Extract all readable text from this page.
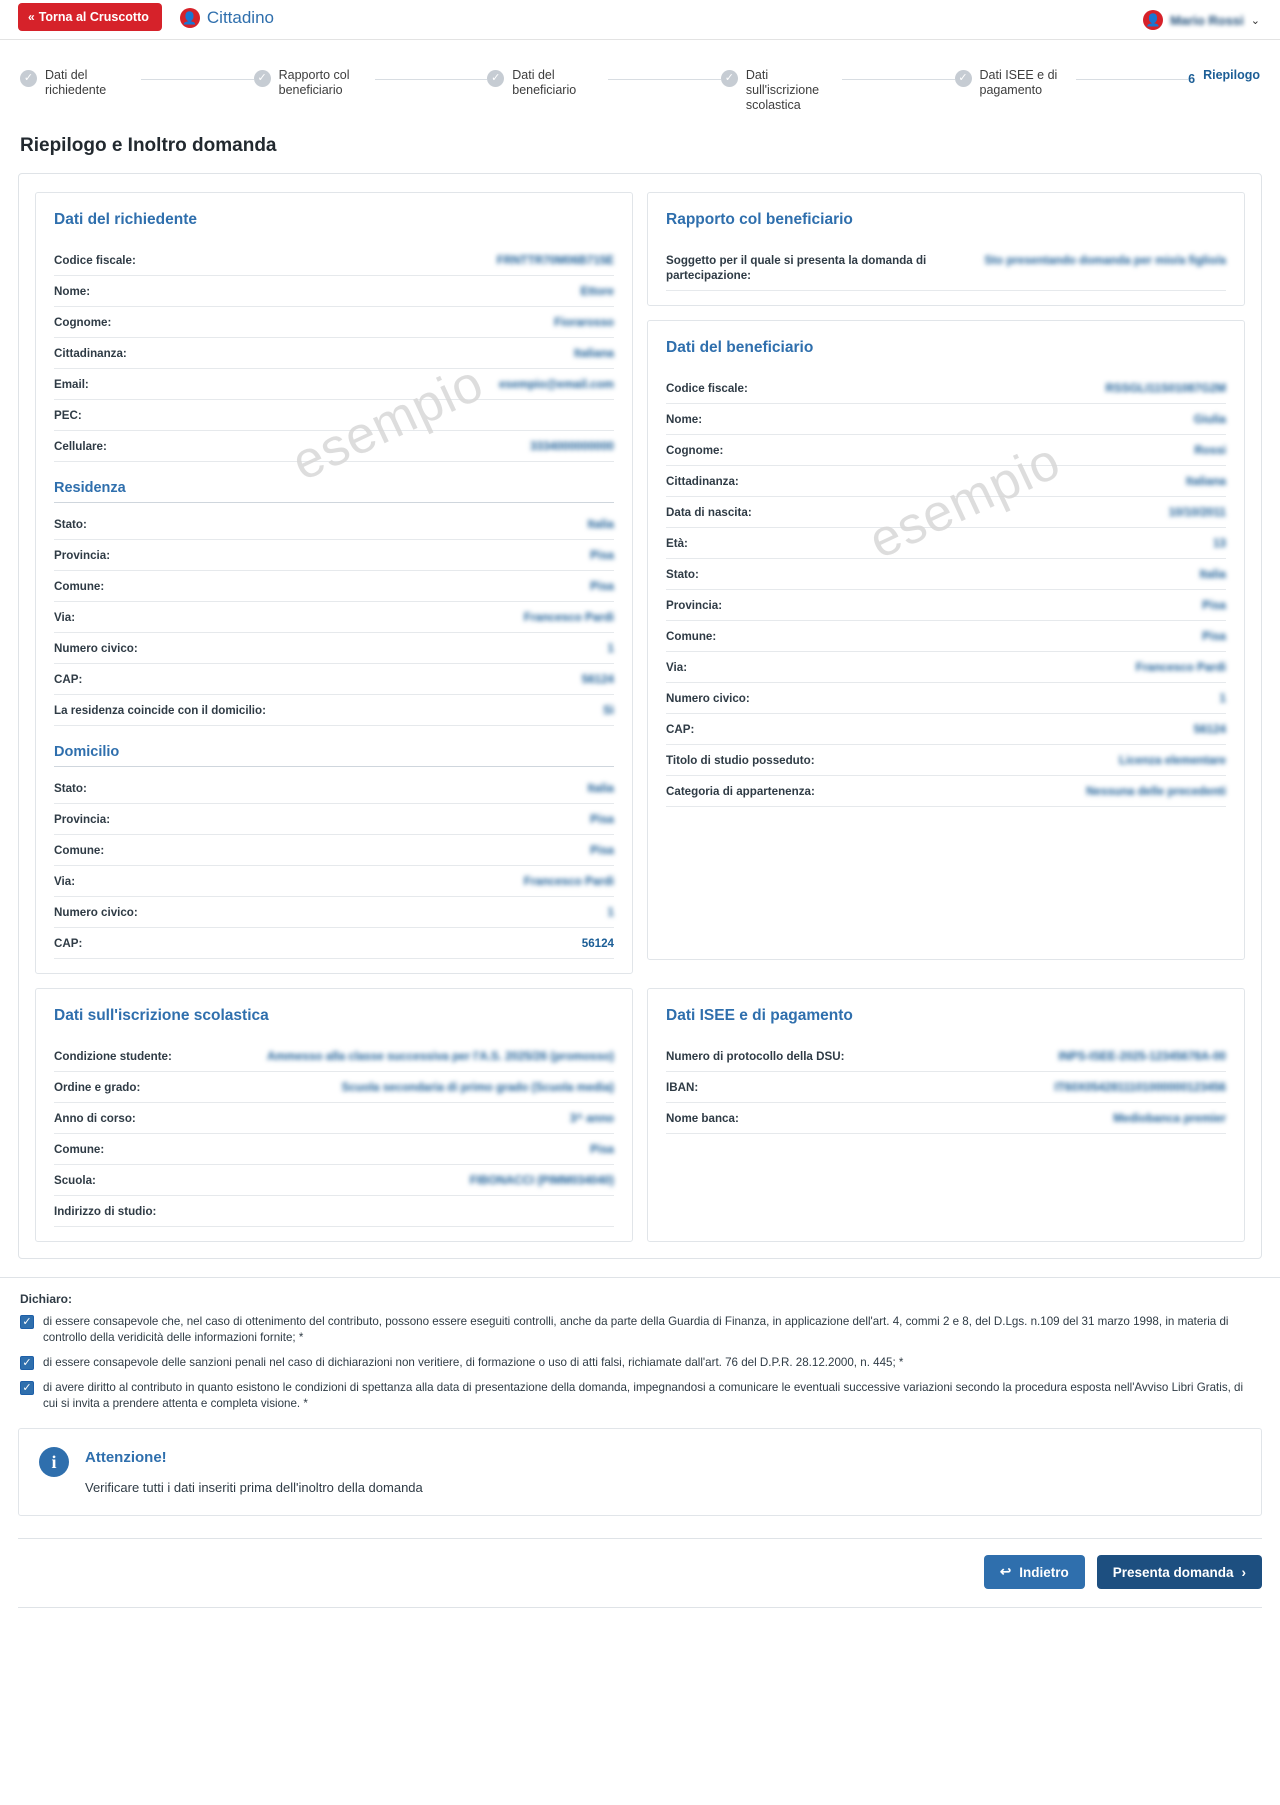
« Torna al Cruscotto	👤 Cittadino	👤 Mario Rossi ⌄
✓ Dati del richiedente
✓ Rapporto col beneficiario
✓ Dati del beneficiario
✓ Dati sull'iscrizione scolastica
✓ Dati ISEE e di pagamento
6 Riepilogo
Riepilogo e Inoltro domanda
esempio
Dati del richiedente
Codice fiscale:	FRNTTR70M06B715E
Nome:	Ettore
Cognome:	Fiorarosso
Cittadinanza:	Italiana
Email:	esempio@email.com
PEC:
Cellulare:	3334000000000
Residenza
Stato:	Italia
Provincia:	Pisa
Comune:	Pisa
Via:	Francesco Pardi
Numero civico:	1
CAP:	56124
La residenza coincide con il domicilio:	Sì
Domicilio
Stato:	Italia
Provincia:	Pisa
Comune:	Pisa
Via:	Francesco Pardi
Numero civico:	1
CAP:	56124
Rapporto col beneficiario
Soggetto per il quale si presenta la domanda di partecipazione:
Sto presentando domanda per mio/a figlio/a
esempio
Dati del beneficiario
Codice fiscale:	RSSGLI11S01087G2M
Nome:	Giulia
Cognome:	Rossi
Cittadinanza:	Italiana
Data di nascita:	10/10/2011
Età:	13
Stato:	Italia
Provincia:	Pisa
Comune:	Pisa
Via:	Francesco Pardi
Numero civico:	1
CAP:	56124
Titolo di studio posseduto:	Licenza elementare
Categoria di appartenenza:	Nessuna delle precedenti
Dati sull'iscrizione scolastica
Condizione studente:	Ammesso alla classe successiva per l'A.S. 2025/26 (promosso)
Ordine e grado:	Scuola secondaria di primo grado (Scuola media)
Anno di corso:	3^ anno
Comune:	Pisa
Scuola:	FIBONACCI (PIMM034040)
Indirizzo di studio:
Dati ISEE e di pagamento
Numero di protocollo della DSU:	INPS-ISEE-2025-12345678A-00
IBAN:	IT60X0542811101000000123456
Nome banca:	Mediobanca premier
Dichiaro:
✓ di essere consapevole che, nel caso di ottenimento del contributo, possono essere eseguiti controlli, anche da parte della Guardia di Finanza, in applicazione dell'art. 4, commi 2 e 8, del D.Lgs. n.109 del 31 marzo 1998, in materia di controllo della veridicità delle informazioni fornite; *
✓ di essere consapevole delle sanzioni penali nel caso di dichiarazioni non veritiere, di formazione o uso di atti falsi, richiamate dall'art. 76 del D.P.R. 28.12.2000, n. 445; *
✓ di avere diritto al contributo in quanto esistono le condizioni di spettanza alla data di presentazione della domanda, impegnandosi a comunicare le eventuali successive variazioni secondo la procedura esposta nell'Avviso Libri Gratis, di cui si invita a prendere attenta e completa visione. *
i	Attenzione!

Verificare tutti i dati inseriti prima dell'inoltro della domanda

↩ Indietro	Presenta domanda ›
